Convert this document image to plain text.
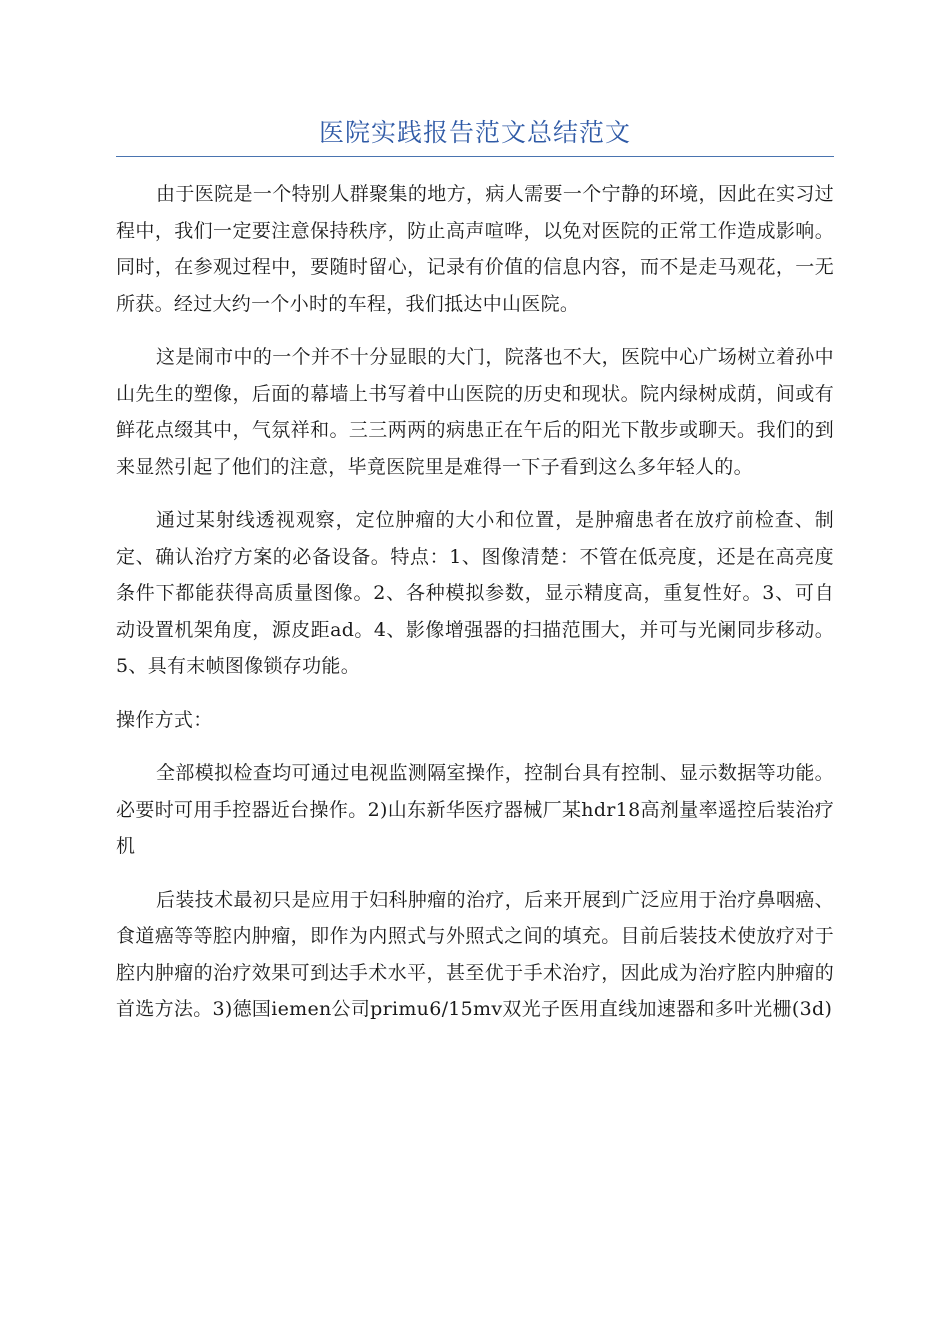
医院实践报告范文总结范文

由于医院是一个特别人群聚集的地方，病人需要一个宁静的环境，因此在实习过程中，我们一定要注意保持秩序，防止高声喧哗，以免对医院的正常工作造成影响。同时，在参观过程中，要随时留心，记录有价值的信息内容，而不是走马观花，一无所获。经过大约一个小时的车程，我们抵达中山医院。

这是闹市中的一个并不十分显眼的大门，院落也不大，医院中心广场树立着孙中山先生的塑像，后面的幕墙上书写着中山医院的历史和现状。院内绿树成荫，间或有鲜花点缀其中，气氛祥和。三三两两的病患正在午后的阳光下散步或聊天。我们的到来显然引起了他们的注意，毕竟医院里是难得一下子看到这么多年轻人的。

通过某射线透视观察，定位肿瘤的大小和位置，是肿瘤患者在放疗前检查、制定、确认治疗方案的必备设备。特点：1、图像清楚：不管在低亮度，还是在高亮度条件下都能获得高质量图像。2、各种模拟参数，显示精度高，重复性好。3、可自动设置机架角度，源皮距ad。4、影像增强器的扫描范围大，并可与光阑同步移动。5、具有末帧图像锁存功能。

操作方式：

全部模拟检查均可通过电视监测隔室操作，控制台具有控制、显示数据等功能。必要时可用手控器近台操作。2)山东新华医疗器械厂某hdr18高剂量率遥控后装治疗机

后装技术最初只是应用于妇科肿瘤的治疗，后来开展到广泛应用于治疗鼻咽癌、食道癌等等腔内肿瘤，即作为内照式与外照式之间的填充。目前后装技术使放疗对于腔内肿瘤的治疗效果可到达手术水平，甚至优于手术治疗，因此成为治疗腔内肿瘤的首选方法。3)德国iemen公司primu6/15mv双光子医用直线加速器和多叶光栅(3d)
